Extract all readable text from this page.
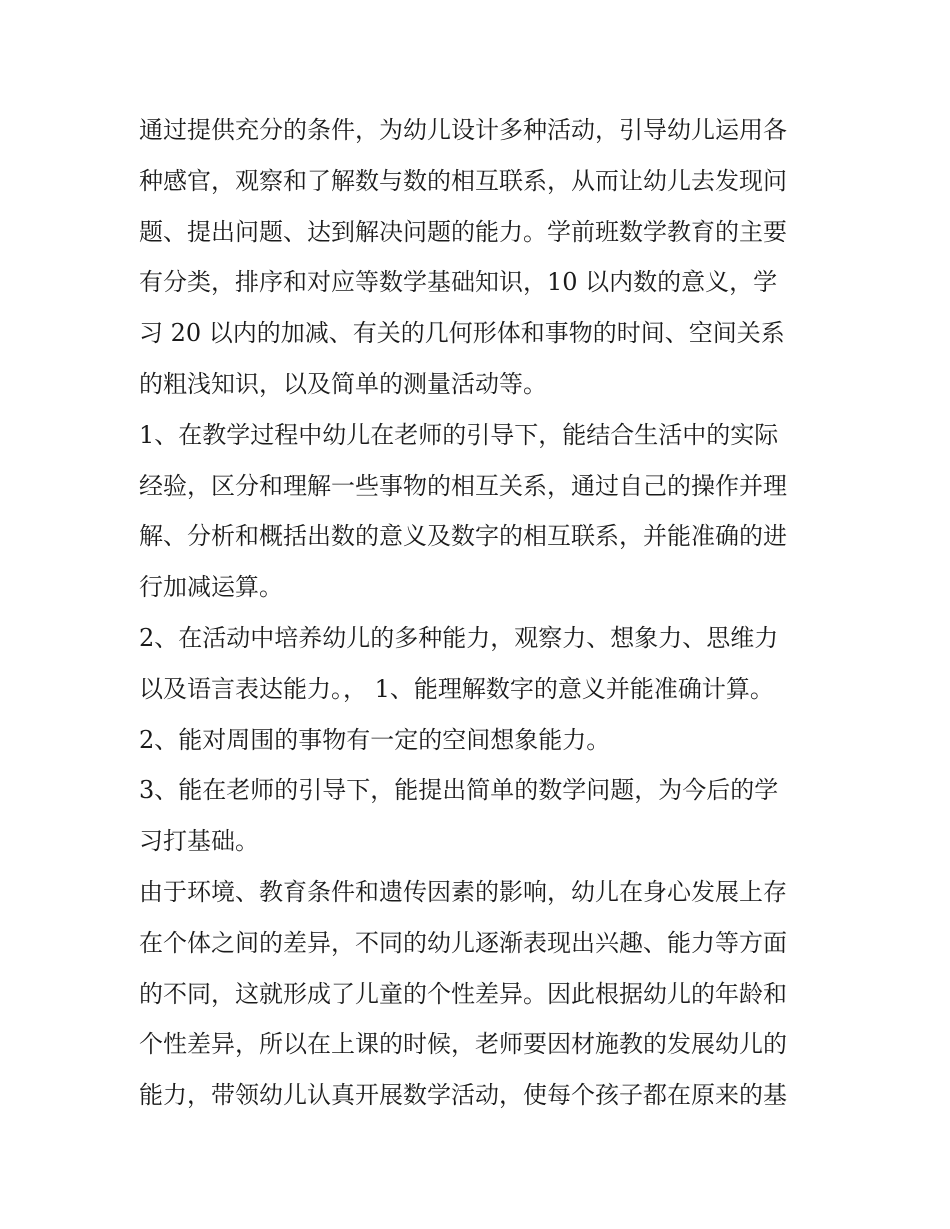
通过提供充分的条件，为幼儿设计多种活动，引导幼儿运用各
种感官，观察和了解数与数的相互联系，从而让幼儿去发现问
题、提出问题、达到解决问题的能力。学前班数学教育的主要
有分类，排序和对应等数学基础知识，10 以内数的意义，学
习 20 以内的加减、有关的几何形体和事物的时间、空间关系
的粗浅知识，以及简单的测量活动等。
1、在教学过程中幼儿在老师的引导下，能结合生活中的实际
经验，区分和理解一些事物的相互关系，通过自己的操作并理
解、分析和概括出数的意义及数字的相互联系，并能准确的进
行加减运算。
2、在活动中培养幼儿的多种能力，观察力、想象力、思维力
以及语言表达能力。， 1、能理解数字的意义并能准确计算。
2、能对周围的事物有一定的空间想象能力。
3、能在老师的引导下，能提出简单的数学问题，为今后的学
习打基础。
由于环境、教育条件和遗传因素的影响，幼儿在身心发展上存
在个体之间的差异，不同的幼儿逐渐表现出兴趣、能力等方面
的不同，这就形成了儿童的个性差异。因此根据幼儿的年龄和
个性差异，所以在上课的时候，老师要因材施教的发展幼儿的
能力，带领幼儿认真开展数学活动，使每个孩子都在原来的基
